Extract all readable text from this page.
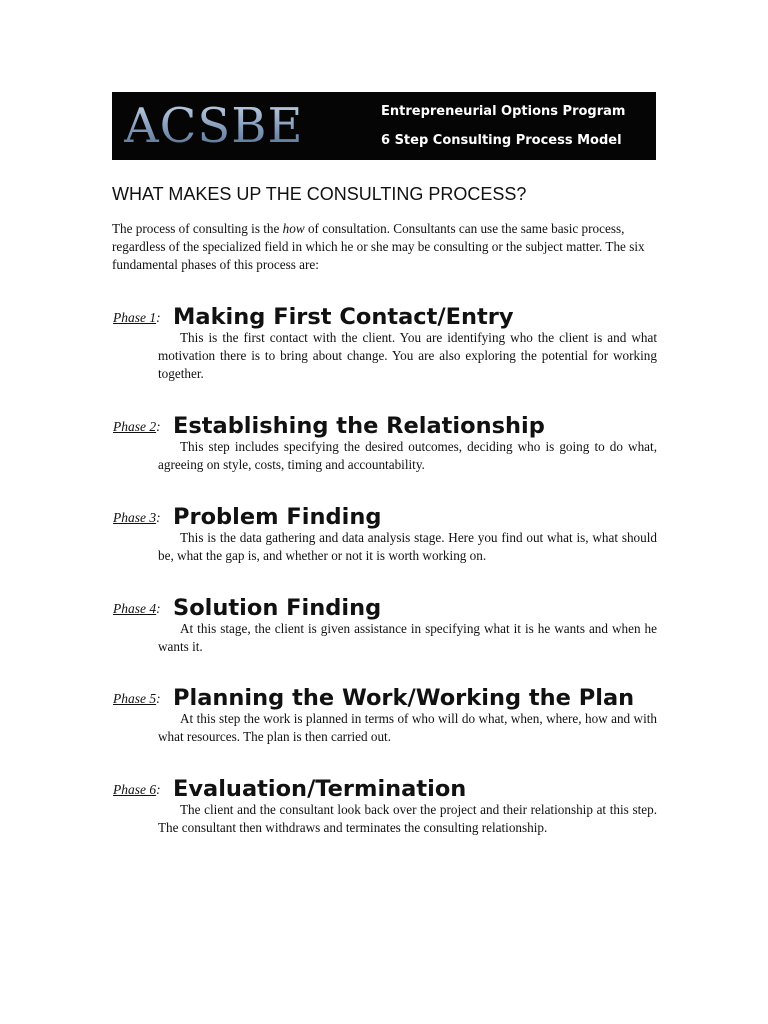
ACSBE	Entrepreneurial Options Program
6 Step Consulting Process Model
WHAT MAKES UP THE CONSULTING PROCESS?

The process of consulting is the how of consultation. Consultants can use the same basic process, regardless of the specialized field in which he or she may be consulting or the subject matter. The six fundamental phases of this process are:

Phase 1: Making First Contact/Entry

This is the first contact with the client. You are identifying who the client is and what motivation there is to bring about change. You are also exploring the potential for working together.

Phase 2: Establishing the Relationship

This step includes specifying the desired outcomes, deciding who is going to do what, agreeing on style, costs, timing and accountability.

Phase 3: Problem Finding

This is the data gathering and data analysis stage. Here you find out what is, what should be, what the gap is, and whether or not it is worth working on.

Phase 4: Solution Finding

At this stage, the client is given assistance in specifying what it is he wants and when he wants it.

Phase 5: Planning the Work/Working the Plan

At this step the work is planned in terms of who will do what, when, where, how and with what resources. The plan is then carried out.

Phase 6: Evaluation/Termination

The client and the consultant look back over the project and their relationship at this step. The consultant then withdraws and terminates the consulting relationship.
